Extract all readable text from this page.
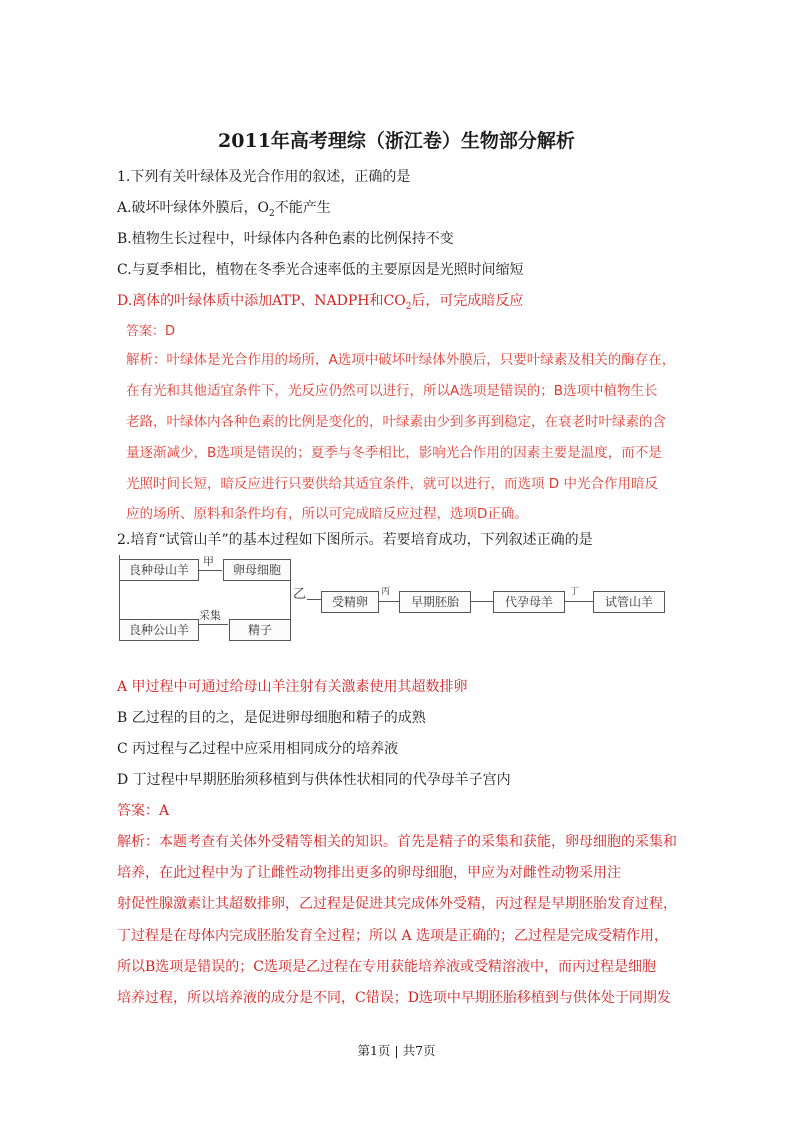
2011年高考理综（浙江卷）生物部分解析
1.下列有关叶绿体及光合作用的叙述，正确的是
A.破坏叶绿体外膜后，$O_2$不能产生
B.植物生长过程中，叶绿体内各种色素的比例保持不变
C.与夏季相比，植物在冬季光合速率低的主要原因是光照时间缩短
D.离体的叶绿体质中添加ATP、NADPH和$CO_2$后，可完成暗反应
答案：D
解析：叶绿体是光合作用的场所，A选项中破坏叶绿体外膜后，只要叶绿素及相关的酶存在，
在有光和其他适宜条件下，光反应仍然可以进行，所以A选项是错误的；B选项中植物生长
老路，叶绿体内各种色素的比例是变化的，叶绿素由少到多再到稳定，在衰老时叶绿素的含
量逐渐减少，B选项是错误的；夏季与冬季相比，影响光合作用的因素主要是温度，而不是
光照时间长短，暗反应进行只要供给其适宜条件，就可以进行，而选项 D 中光合作用暗反
应的场所、原料和条件均有，所以可完成暗反应过程，选项D正确。
2.培育“试管山羊”的基本过程如下图所示。若要培育成功，下列叙述正确的是
良种母山羊
甲
卵母细胞
良种公山羊
采集
精子
乙	受精卵
丙
早期胚胎	代孕母羊
丁
试管山羊
A 甲过程中可通过给母山羊注射有关激素使用其超数排卵
B 乙过程的目的之，是促进卵母细胞和精子的成熟
C 丙过程与乙过程中应采用相同成分的培养液
D 丁过程中早期胚胎须移植到与供体性状相同的代孕母羊子宫内
答案：A
解析：本题考查有关体外受精等相关的知识。首先是精子的采集和获能，卵母细胞的采集和
培养，在此过程中为了让雌性动物排出更多的卵母细胞，甲应为对雌性动物采用注
射促性腺激素让其超数排卵，乙过程是促进其完成体外受精，丙过程是早期胚胎发育过程，
丁过程是在母体内完成胚胎发育全过程；所以 A 选项是正确的；乙过程是完成受精作用，
所以B选项是错误的；C选项是乙过程在专用获能培养液或受精溶液中，而丙过程是细胞
培养过程，所以培养液的成分是不同，C错误；D选项中早期胚胎移植到与供体处于同期发
第1页 | 共7页
